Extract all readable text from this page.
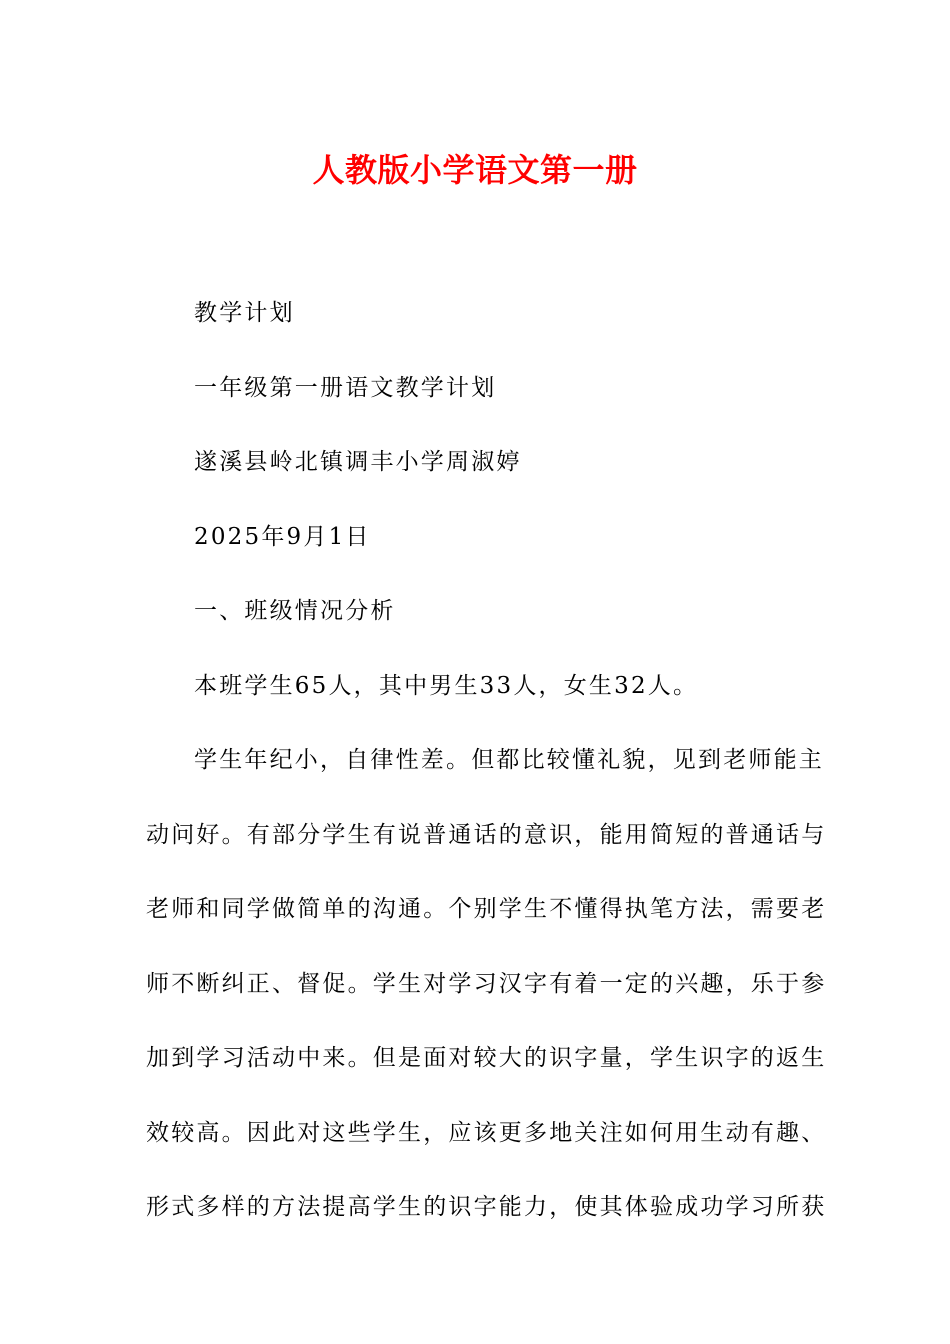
人教版小学语文第一册

教学计划

一年级第一册语文教学计划

遂溪县岭北镇调丰小学周淑婷

2025年9月1日

一、班级情况分析

本班学生65人，其中男生33人，女生32人。

学生年纪小，自律性差。但都比较懂礼貌，见到老师能主
动问好。有部分学生有说普通话的意识，能用简短的普通话与
老师和同学做简单的沟通。个别学生不懂得执笔方法，需要老
师不断纠正、督促。学生对学习汉字有着一定的兴趣，乐于参
加到学习活动中来。但是面对较大的识字量，学生识字的返生
效较高。因此对这些学生，应该更多地关注如何用生动有趣、
形式多样的方法提高学生的识字能力，使其体验成功学习所获
